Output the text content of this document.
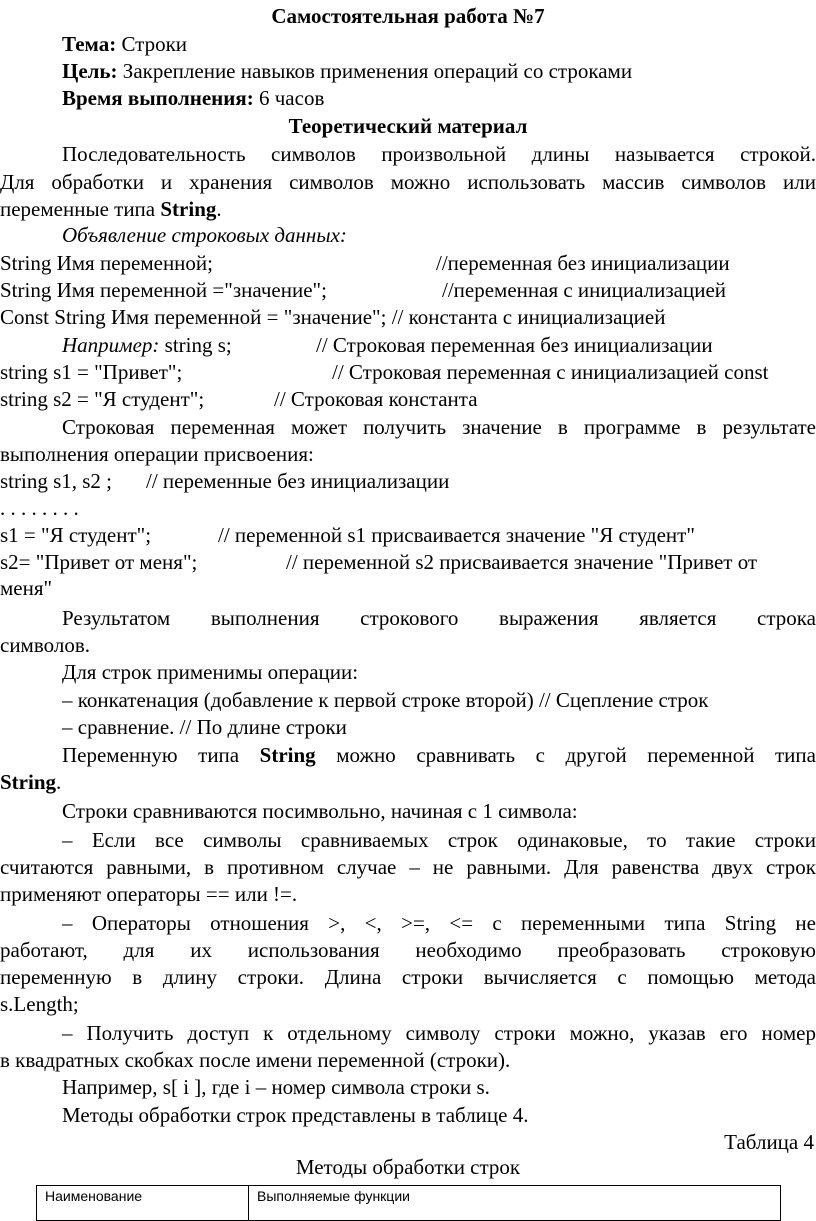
Самостоятельная работа №7
Тема: Строки
Цель: Закрепление навыков применения операций со строками
Время выполнения: 6 часов
Теоретический материал
Последовательность символов произвольной длины называется строкой.
Для обработки и хранения символов можно использовать массив символов или
переменные типа String.
Объявление строковых данных:
String Имя переменной;	//переменная без инициализации
String Имя переменной ="значение";	//переменная с инициализацией
Const String Имя переменной = "значение"; // константа с инициализацией
Например: string s;	// Строковая переменная без инициализации
string s1 = "Привет";	// Строковая переменная с инициализацией const
string s2 = "Я студент";	// Строковая константа
Строковая переменная может получить значение в программе в результате
выполнения операции присвоения:
string s1, s2 ; // переменные без инициализации
. . . . . . . .
s1 = "Я студент";	// переменной s1 присваивается значение "Я студент"
s2= "Привет от меня";	// переменной s2 присваивается значение "Привет от
меня"
Результатом выполнения строкового выражения является строка
символов.
Для строк применимы операции:
– конкатенация (добавление к первой строке второй) // Сцепление строк
– сравнение. // По длине строки
Переменную типа String можно сравнивать с другой переменной типа
String.
Строки сравниваются посимвольно, начиная с 1 символа:
– Если все символы сравниваемых строк одинаковые, то такие строки
считаются равными, в противном случае – не равными. Для равенства двух строк
применяют операторы == или !=.
– Операторы отношения >, <, >=, <= с переменными типа String не
работают, для их использования необходимо преобразовать строковую
переменную в длину строки. Длина строки вычисляется с помощью метода
s.Length;
– Получить доступ к отдельному символу строки можно, указав его номер
в квадратных скобках после имени переменной (строки).
Например, s[ i ], где i – номер символа строки s.
Методы обработки строк представлены в таблице 4.
Таблица 4
Методы обработки строк
Наименование	Выполняемые функции
